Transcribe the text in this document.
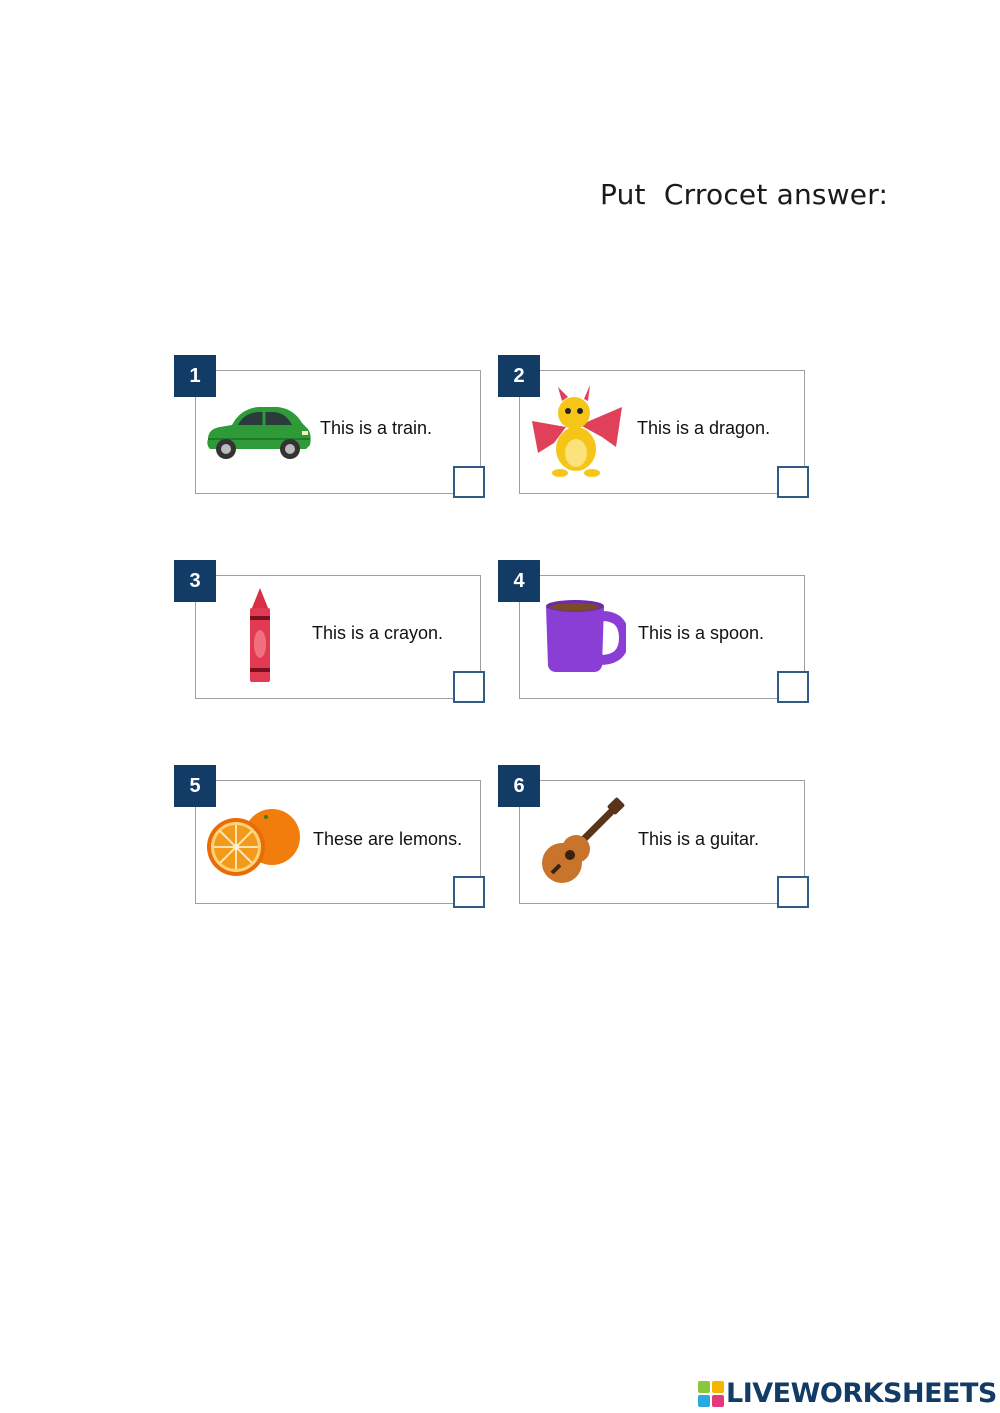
Put  Crrocet answer:
1
This is a train.
2
This is a dragon.
3
This is a crayon.
4
This is a spoon.
5
These are lemons.
6
This is a guitar.
LIVEWORKSHEETS
